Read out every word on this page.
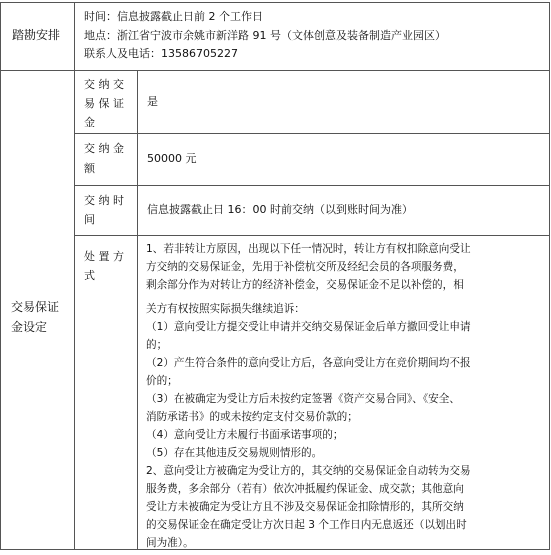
踏勘安排
时间：信息披露截止日前 2 个工作日
地点：浙江省宁波市余姚市新洋路 91 号（文体创意及装备制造产业园区）
联系人及电话：13586705227
交易保证
金设定
交 纳 交
易 保 证
金
是
交 纳 金
额
50000 元
交 纳 时
间
信息披露截止日 16：00 时前交纳（以到账时间为准）
处 置 方
式
1、若非转让方原因，出现以下任一情况时，转让方有权扣除意向受让
方交纳的交易保证金，先用于补偿杭交所及经纪会员的各项服务费，
剩余部分作为对转让方的经济补偿金，交易保证金不足以补偿的，相
关方有权按照实际损失继续追诉：
（1）意向受让方提交受让申请并交纳交易保证金后单方撤回受让申请
的；
（2）产生符合条件的意向受让方后，各意向受让方在竞价期间均不报
价的；
（3）在被确定为受让方后未按约定签署《资产交易合同》、《安全、
消防承诺书》的或未按约定支付交易价款的；
（4）意向受让方未履行书面承诺事项的；
（5）存在其他违反交易规则情形的。
2、意向受让方被确定为受让方的，其交纳的交易保证金自动转为交易
服务费，多余部分（若有）依次冲抵履约保证金、成交款；其他意向
受让方未被确定为受让方且不涉及交易保证金扣除情形的，其所交纳
的交易保证金在确定受让方次日起 3 个工作日内无息返还（以划出时
间为准）。
